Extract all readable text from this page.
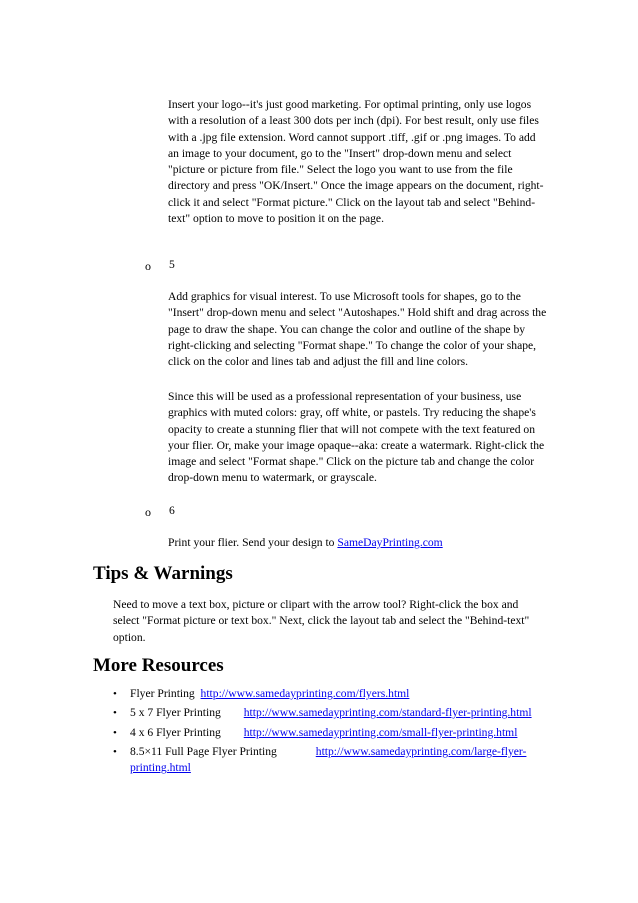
Insert your logo--it's just good marketing. For optimal printing, only use logos with a resolution of a least 300 dots per inch (dpi). For best result, only use files with a .jpg file extension. Word cannot support .tiff, .gif or .png images. To add an image to your document, go to the "Insert" drop-down menu and select "picture or picture from file." Select the logo you want to use from the file directory and press "OK/Insert." Once the image appears on the document, right-click it and select "Format picture." Click on the layout tab and select "Behind-text" option to move to position it on the page.

o 5

Add graphics for visual interest. To use Microsoft tools for shapes, go to the "Insert" drop-down menu and select "Autoshapes." Hold shift and drag across the page to draw the shape. You can change the color and outline of the shape by right-clicking and selecting "Format shape." To change the color of your shape, click on the color and lines tab and adjust the fill and line colors.

Since this will be used as a professional representation of your business, use graphics with muted colors: gray, off white, or pastels. Try reducing the shape's opacity to create a stunning flier that will not compete with the text featured on your flier. Or, make your image opaque--aka: create a watermark. Right-click the image and select "Format shape." Click on the picture tab and change the color drop-down menu to watermark, or grayscale.

o 6

Print your flier. Send your design to SameDayPrinting.com

Tips & Warnings

Need to move a text box, picture or clipart with the arrow tool? Right-click the box and select "Format picture or text box." Next, click the layout tab and select the "Behind-text" option.

More Resources
• Flyer Printing http://www.samedayprinting.com/flyers.html
• 5 x 7 Flyer Printing http://www.samedayprinting.com/standard-flyer-printing.html
• 4 x 6 Flyer Printing http://www.samedayprinting.com/small-flyer-printing.html
• 8.5×11 Full Page Flyer Printing	http://www.samedayprinting.com/large-flyer-printing.html
